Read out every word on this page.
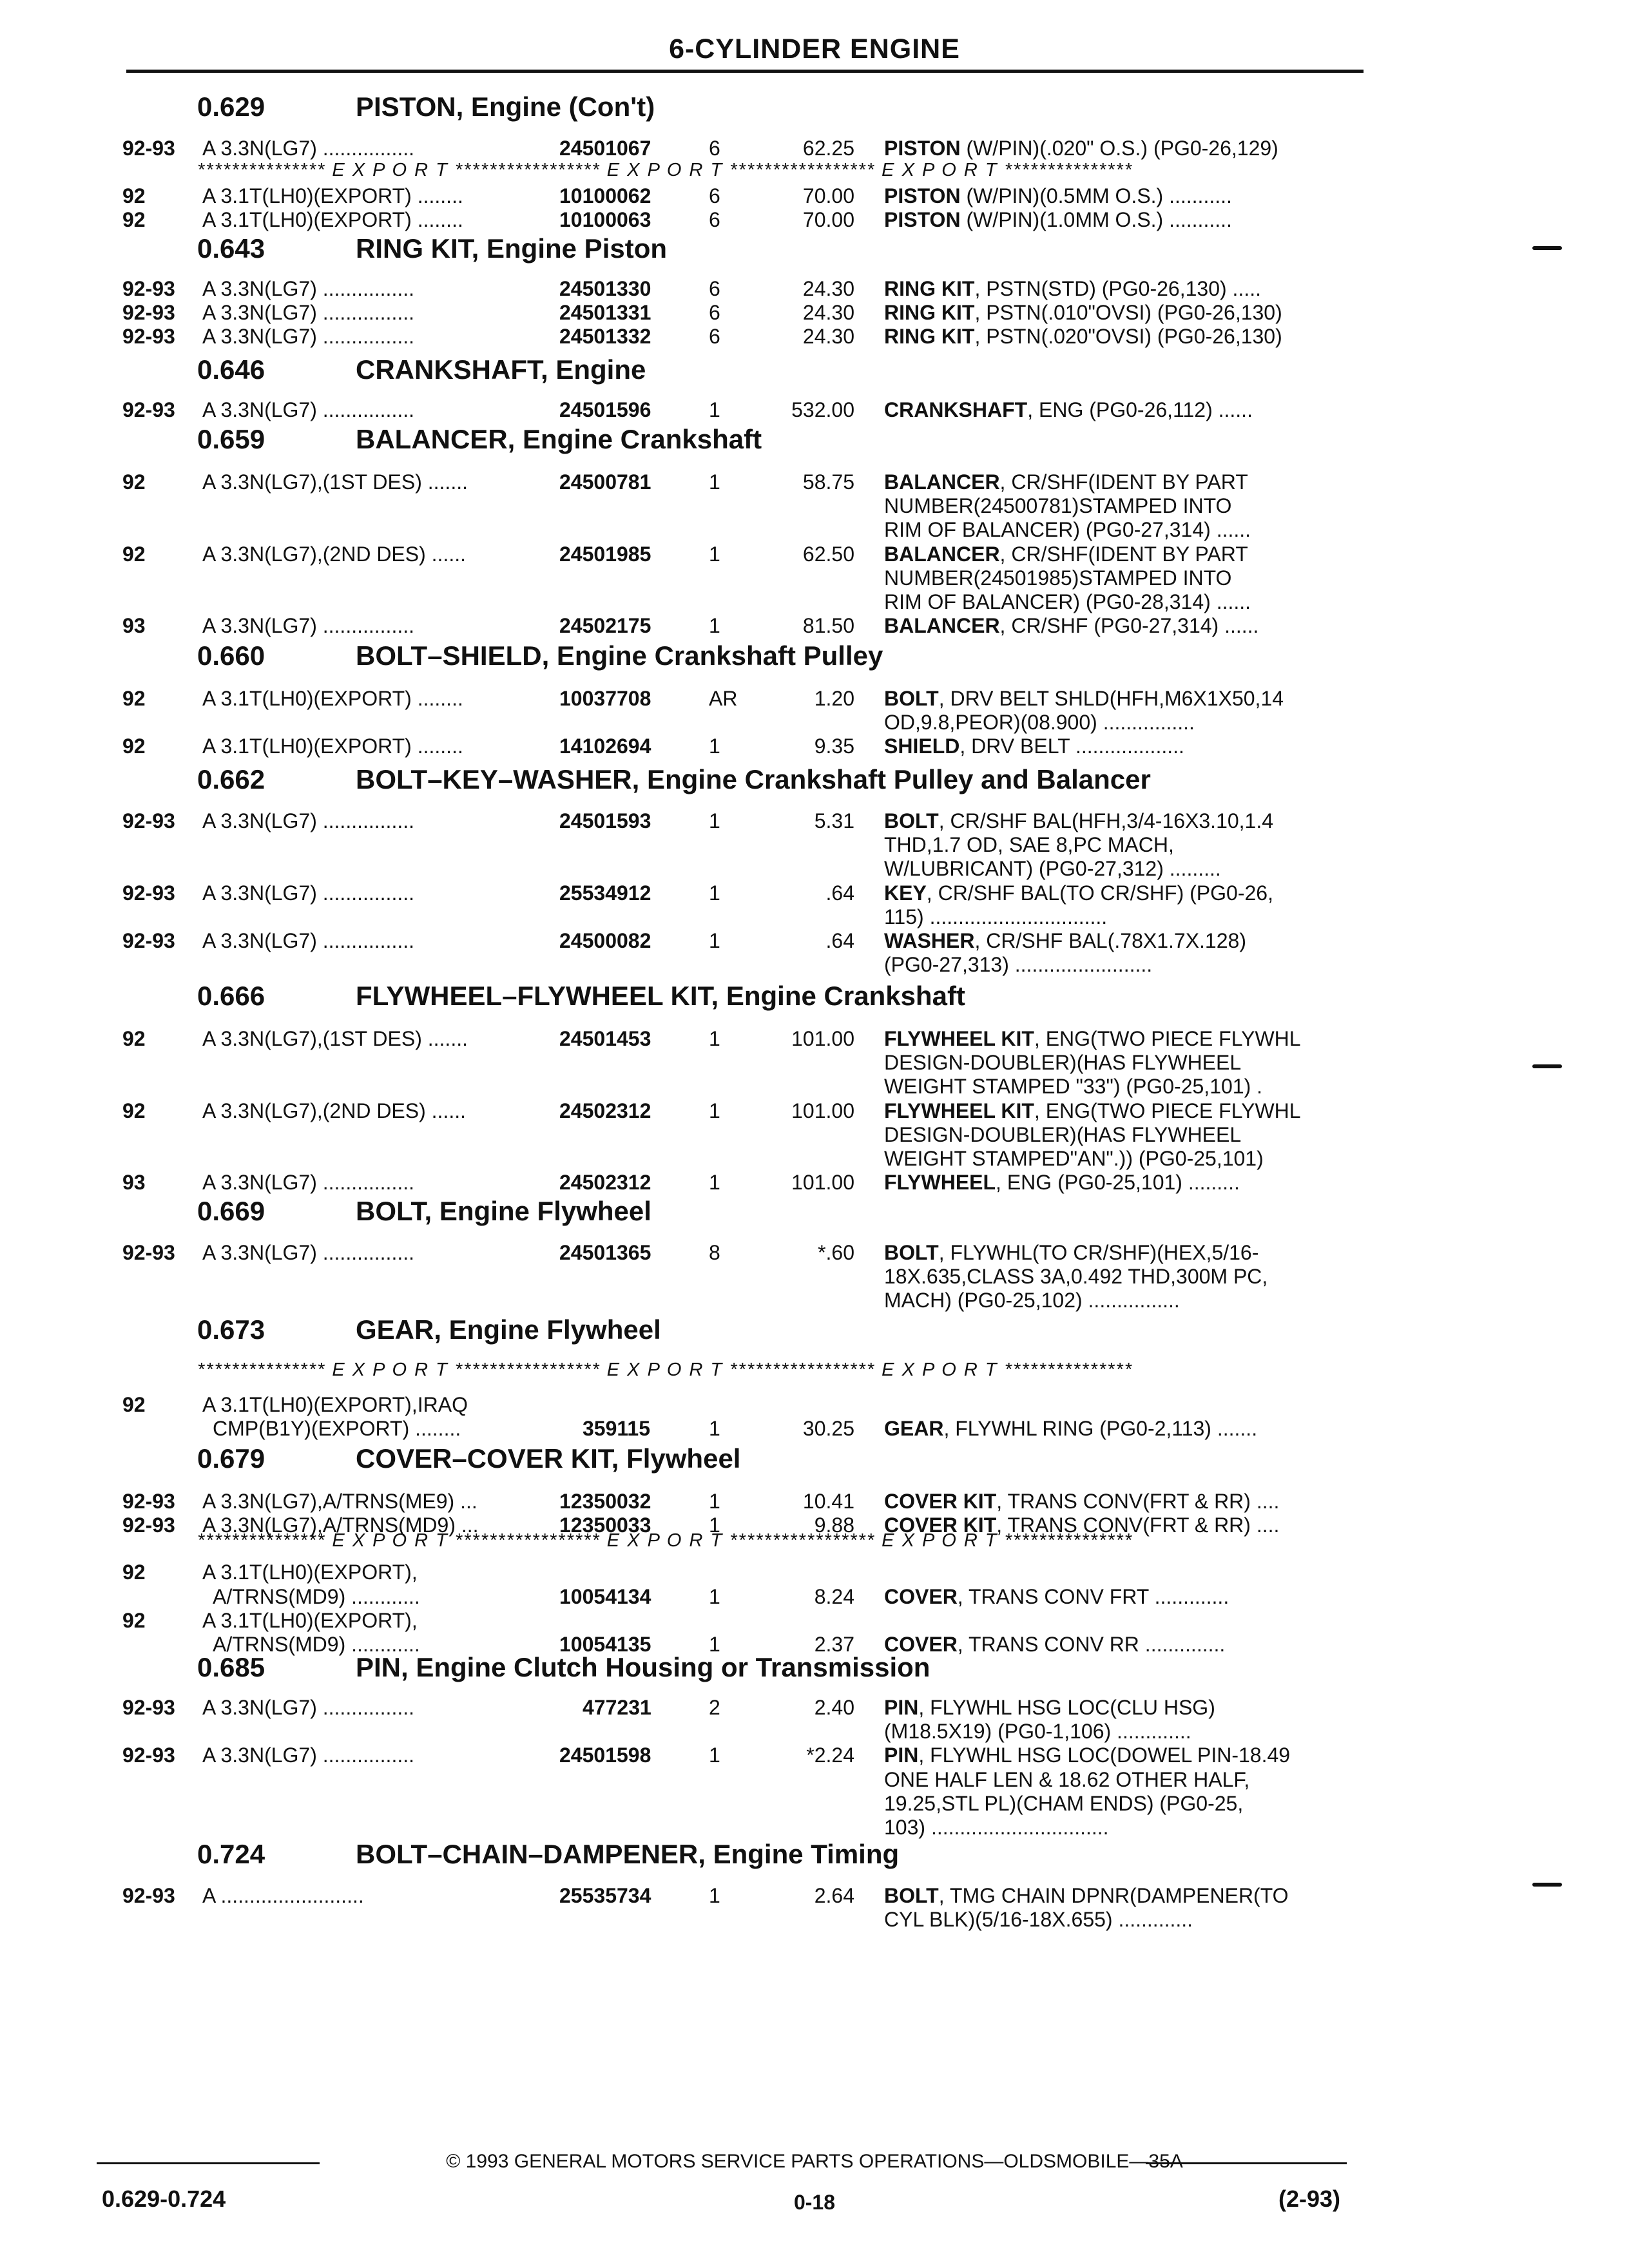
6-CYLINDER ENGINE
0.629	PISTON, Engine (Con't)
92-93 A 3.3N(LG7) ................	24501067	6	62.25 PISTON (W/PIN)(.020" O.S.) (PG0-26,129)
92	A 3.1T(LH0)(EXPORT) ........	10100062	6	70.00 PISTON (W/PIN)(0.5MM O.S.) ...........
92	A 3.1T(LH0)(EXPORT) ........	10100063	6	70.00 PISTON (W/PIN)(1.0MM O.S.) ...........
0.643	RING KIT, Engine Piston
92-93 A 3.3N(LG7) ................	24501330	6	24.30 RING KIT, PSTN(STD) (PG0-26,130) .....
92-93 A 3.3N(LG7) ................	24501331	6	24.30 RING KIT, PSTN(.010"OVSI) (PG0-26,130)
92-93 A 3.3N(LG7) ................	24501332	6	24.30 RING KIT, PSTN(.020"OVSI) (PG0-26,130)
0.646	CRANKSHAFT, Engine
92-93 A 3.3N(LG7) ................	24501596	1	532.00 CRANKSHAFT, ENG (PG0-26,112) ......
0.659	BALANCER, Engine Crankshaft
92	A 3.3N(LG7),(1ST DES) .......	24500781	1	58.75 BALANCER, CR/SHF(IDENT BY PART
NUMBER(24500781)STAMPED INTO
RIM OF BALANCER) (PG0-27,314) ......
92	A 3.3N(LG7),(2ND DES) ......	24501985	1	62.50 BALANCER, CR/SHF(IDENT BY PART
NUMBER(24501985)STAMPED INTO
RIM OF BALANCER) (PG0-28,314) ......
93	A 3.3N(LG7) ................	24502175	1	81.50 BALANCER, CR/SHF (PG0-27,314) ......
0.660	BOLT–SHIELD, Engine Crankshaft Pulley
92	A 3.1T(LH0)(EXPORT) ........	10037708	AR	1.20 BOLT, DRV BELT SHLD(HFH,M6X1X50,14
OD,9.8,PEOR)(08.900) ................
92	A 3.1T(LH0)(EXPORT) ........	14102694	1	9.35 SHIELD, DRV BELT ...................
0.662	BOLT–KEY–WASHER, Engine Crankshaft Pulley and Balancer
92-93 A 3.3N(LG7) ................	24501593	1	5.31 BOLT, CR/SHF BAL(HFH,3/4-16X3.10,1.4
THD,1.7 OD, SAE 8,PC MACH,
W/LUBRICANT) (PG0-27,312) .........
92-93 A 3.3N(LG7) ................	25534912	1	.64 KEY, CR/SHF BAL(TO CR/SHF) (PG0-26,
115) ...............................
92-93 A 3.3N(LG7) ................	24500082	1	.64 WASHER, CR/SHF BAL(.78X1.7X.128)
(PG0-27,313) ........................
0.666	FLYWHEEL–FLYWHEEL KIT, Engine Crankshaft
92	A 3.3N(LG7),(1ST DES) .......	24501453	1	101.00 FLYWHEEL KIT, ENG(TWO PIECE FLYWHL
DESIGN-DOUBLER)(HAS FLYWHEEL
WEIGHT STAMPED "33") (PG0-25,101) .
92	A 3.3N(LG7),(2ND DES) ......	24502312	1	101.00 FLYWHEEL KIT, ENG(TWO PIECE FLYWHL
DESIGN-DOUBLER)(HAS FLYWHEEL
WEIGHT STAMPED"AN".)) (PG0-25,101)
93	A 3.3N(LG7) ................	24502312	1	101.00 FLYWHEEL, ENG (PG0-25,101) .........
0.669	BOLT, Engine Flywheel
92-93 A 3.3N(LG7) ................	24501365	8	*.60 BOLT, FLYWHL(TO CR/SHF)(HEX,5/16-
18X.635,CLASS 3A,0.492 THD,300M PC,
MACH) (PG0-25,102) ................
0.673	GEAR, Engine Flywheel
92	A 3.1T(LH0)(EXPORT),IRAQ
CMP(B1Y)(EXPORT) ........	359115	1	30.25 GEAR, FLYWHL RING (PG0-2,113) .......
0.679	COVER–COVER KIT, Flywheel
92-93 A 3.3N(LG7),A/TRNS(ME9) ...	12350032	1	10.41 COVER KIT, TRANS CONV(FRT & RR) ....
92-93 A 3.3N(LG7),A/TRNS(MD9) ...	12350033	1	9.88 COVER KIT, TRANS CONV(FRT & RR) ....
92	A 3.1T(LH0)(EXPORT),
A/TRNS(MD9) ............	10054134	1	8.24 COVER, TRANS CONV FRT .............
92	A 3.1T(LH0)(EXPORT),
A/TRNS(MD9) ............	10054135	1	2.37 COVER, TRANS CONV RR ..............
0.685	PIN, Engine Clutch Housing or Transmission
92-93 A 3.3N(LG7) ................	477231	2	2.40 PIN, FLYWHL HSG LOC(CLU HSG)
(M18.5X19) (PG0-1,106) .............
92-93 A 3.3N(LG7) ................	24501598	1	*2.24 PIN, FLYWHL HSG LOC(DOWEL PIN-18.49
ONE HALF LEN & 18.62 OTHER HALF,
19.25,STL PL)(CHAM ENDS) (PG0-25,
103) ...............................
0.724	BOLT–CHAIN–DAMPENER, Engine Timing
92-93 A .........................	25535734	1	2.64 BOLT, TMG CHAIN DPNR(DAMPENER(TO
CYL BLK)(5/16-18X.655) .............
*************** E X P O R T ***************** E X P O R T ***************** E X P O R T ***************
*************** E X P O R T ***************** E X P O R T ***************** E X P O R T ***************
*************** E X P O R T ***************** E X P O R T ***************** E X P O R T ***************
© 1993 GENERAL MOTORS SERVICE PARTS OPERATIONS—OLDSMOBILE—35A
0.629-0.724	0-18	(2-93)
